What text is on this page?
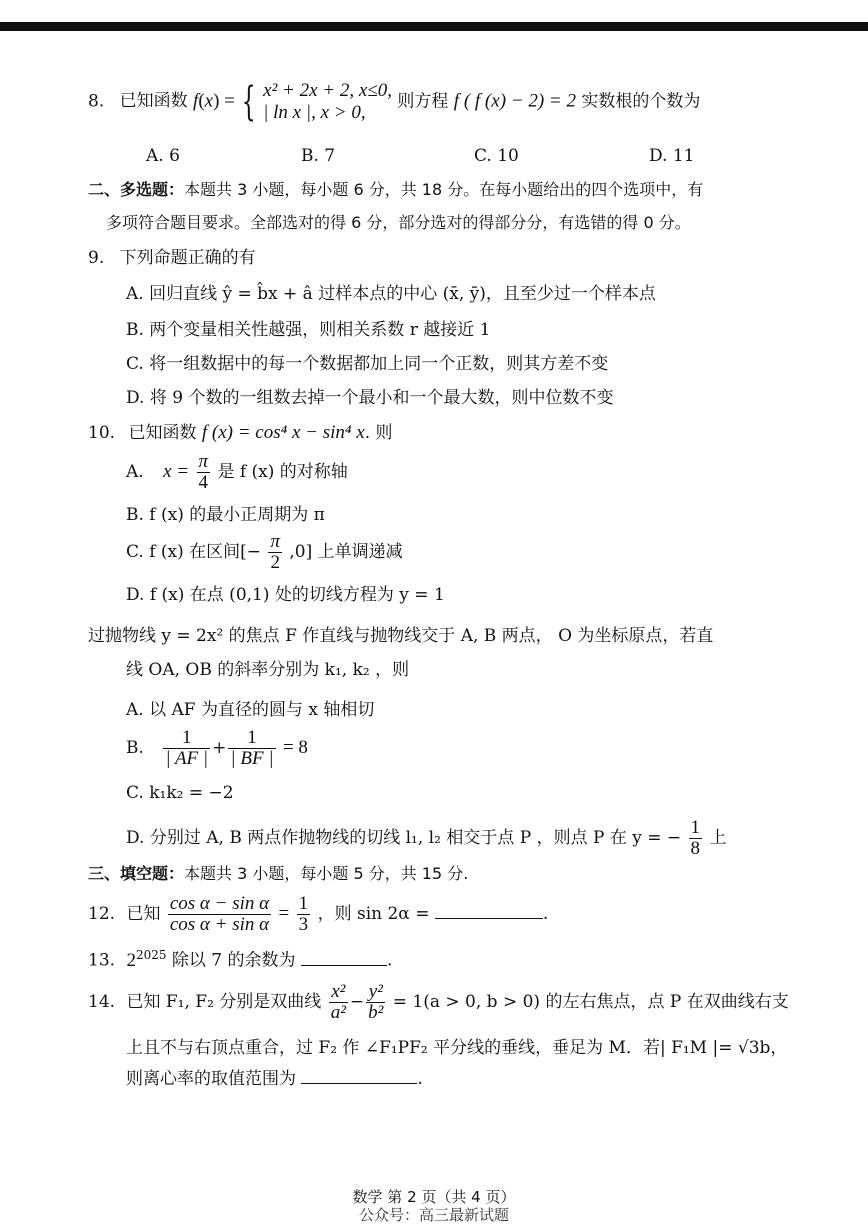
8. 已知函数 f(x) = { x² + 2x + 2, x≤0,
| ln x |, x > 0,
则方程 f ( f (x) − 2) = 2 实数根的个数为
A. 6	B. 7	C. 10	D. 11
二、多选题：本题共 3 小题，每小题 6 分，共 18 分。在每小题给出的四个选项中，有
多项符合题目要求。全部选对的得 6 分，部分选对的得部分分，有选错的得 0 分。
9. 下列命题正确的有
A. 回归直线 ŷ = b̂x + â 过样本点的中心 (x̄, ȳ)，且至少过一个样本点
B. 两个变量相关性越强，则相关系数 r 越接近 1
C. 将一组数据中的每一个数据都加上同一个正数，则其方差不变
D. 将 9 个数的一组数去掉一个最小和一个最大数，则中位数不变
10. 已知函数 f (x) = cos⁴ x − sin⁴ x. 则
A. $x = \frac{\pi}{4}$ 是 f (x) 的对称轴
B. f (x) 的最小正周期为 π
C. f (x) 在区间[− $\frac{\pi}{2} ,0$] 上单调递减
D. f (x) 在点 (0,1) 处的切线方程为 y = 1
过抛物线 y = 2x² 的焦点 F 作直线与抛物线交于 A, B 两点， O 为坐标原点，若直
线 OA, OB 的斜率分别为 k₁, k₂ ，则
A. 以 AF 为直径的圆与 x 轴相切
B. $\frac{1}{| AF |} + \frac{1}{| BF |} = 8$
C. k₁k₂ = −2
D. 分别过 A, B 两点作抛物线的切线 l₁, l₂ 相交于点 P ，则点 P 在 y = − $\frac{1}{8}$ 上
三、填空题：本题共 3 小题，每小题 5 分，共 15 分.
12. 已知 $\frac{\text{cos α − sin α}}{\text{cos α + sin α}} = \frac{1}{3}$ ，则 sin 2α =	.
13. $2^{2025}$ 除以 7 的余数为	.
14. 已知 F₁, F₂ 分别是双曲线 $\frac{\text{x²}}{\text{a²}} - \frac{\text{y²}}{\text{b²}} = 1(a > 0$, b > 0) 的左右焦点，点 P 在双曲线右支
上且不与右顶点重合，过 F₂ 作 ∠F₁PF₂ 平分线的垂线，垂足为 M．若| F₁M |= √3b，
则离心率的取值范围为	.
数学 第 2 页（共 4 页）
公众号：高三最新试题
